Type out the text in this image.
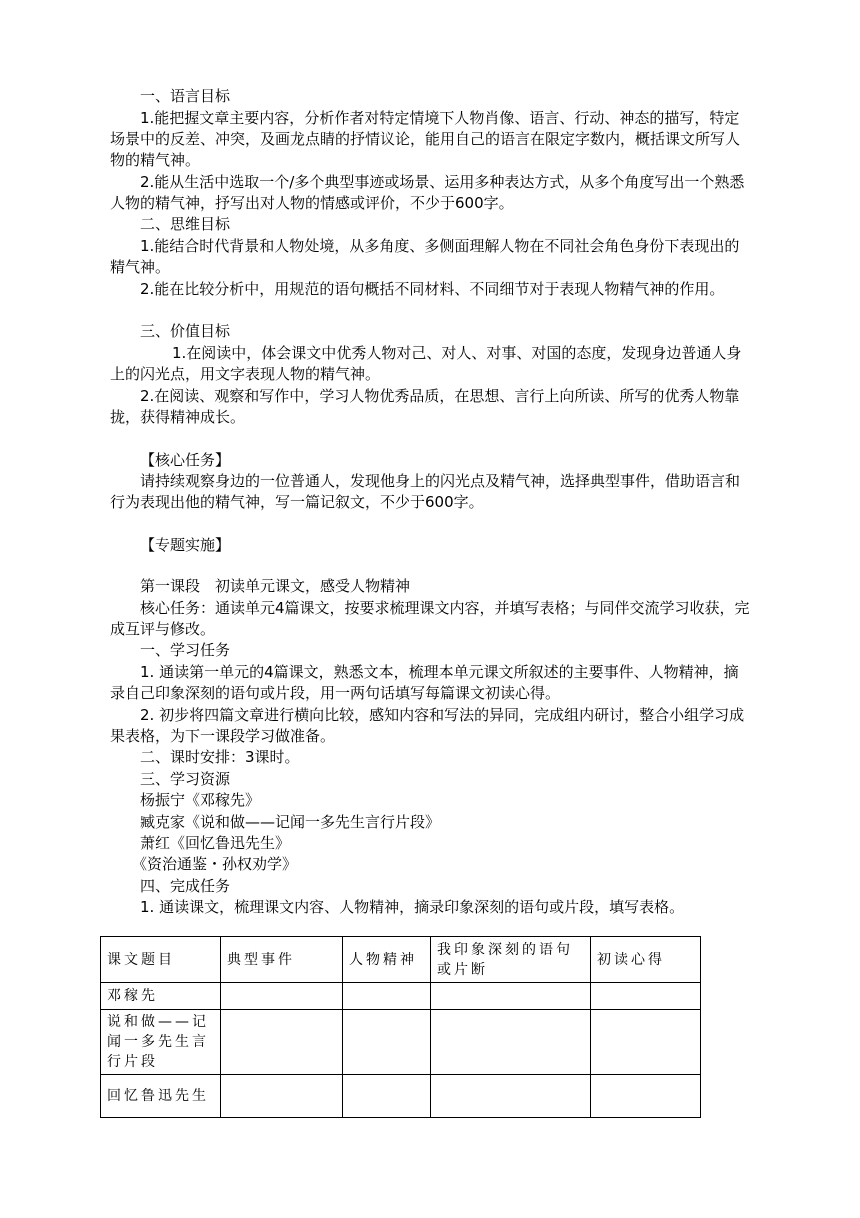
一、语言目标

1.能把握文章主要内容，分析作者对特定情境下人物肖像、语言、行动、神态的描写，特定场景中的反差、冲突，及画龙点睛的抒情议论，能用自己的语言在限定字数内，概括课文所写人物的精气神。

2.能从生活中选取一个/多个典型事迹或场景、运用多种表达方式，从多个角度写出一个熟悉人物的精气神，抒写出对人物的情感或评价，不少于600字。

二、思维目标

1.能结合时代背景和人物处境，从多角度、多侧面理解人物在不同社会角色身份下表现出的精气神。

2.能在比较分析中，用规范的语句概括不同材料、不同细节对于表现人物精气神的作用。

三、价值目标

1.在阅读中，体会课文中优秀人物对己、对人、对事、对国的态度，发现身边普通人身上的闪光点，用文字表现人物的精气神。

2.在阅读、观察和写作中，学习人物优秀品质，在思想、言行上向所读、所写的优秀人物靠拢，获得精神成长。

【核心任务】

请持续观察身边的一位普通人，发现他身上的闪光点及精气神，选择典型事件，借助语言和行为表现出他的精气神，写一篇记叙文，不少于600字。

【专题实施】

第一课段　初读单元课文，感受人物精神

核心任务：通读单元4篇课文，按要求梳理课文内容，并填写表格；与同伴交流学习收获，完成互评与修改。

一、学习任务

1. 通读第一单元的4篇课文，熟悉文本，梳理本单元课文所叙述的主要事件、人物精神，摘录自己印象深刻的语句或片段，用一两句话填写每篇课文初读心得。

2. 初步将四篇文章进行横向比较，感知内容和写法的异同，完成组内研讨，整合小组学习成果表格，为下一课段学习做准备。

二、课时安排：3课时。

三、学习资源

杨振宁《邓稼先》

臧克家《说和做——记闻一多先生言行片段》

萧红《回忆鲁迅先生》

《资治通鉴・孙权劝学》

四、完成任务

1. 通读课文，梳理课文内容、人物精神，摘录印象深刻的语句或片段，填写表格。

课文题目	典型事件	人物精神	我印象深刻的语句或片断	初读心得
邓稼先				
说和做——记闻一多先生言行片段				
回忆鲁迅先生				
